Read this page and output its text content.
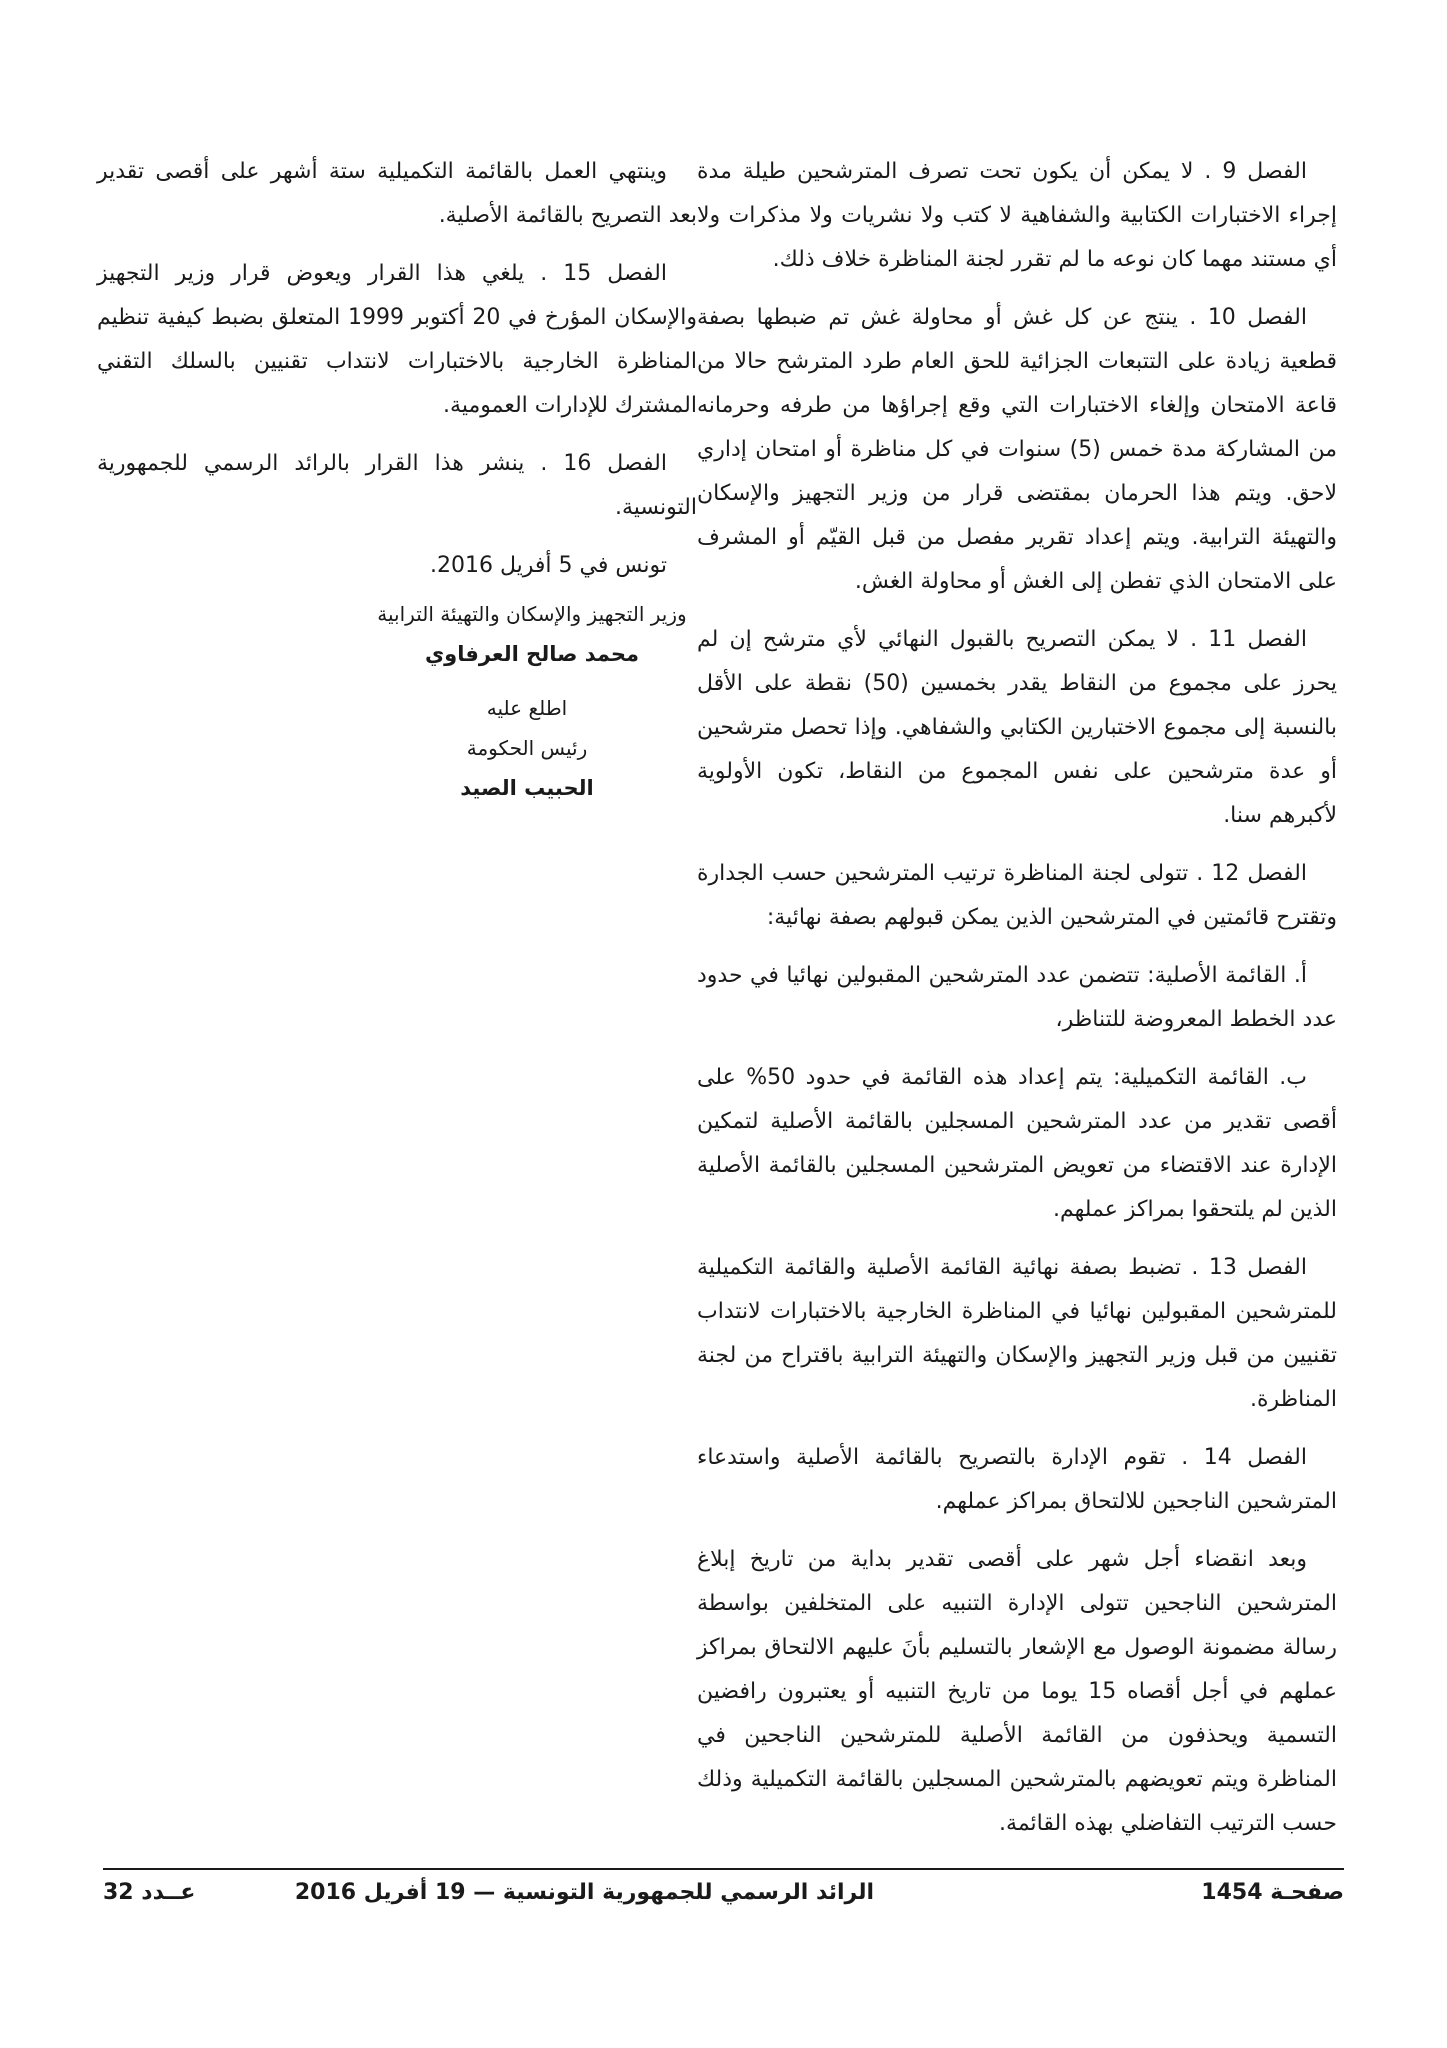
الفصل 9 . لا يمكن أن يكون تحت تصرف المترشحين طيلة مدة إجراء الاختبارات الكتابية والشفاهية لا كتب ولا نشريات ولا مذكرات ولا أي مستند مهما كان نوعه ما لم تقرر لجنة المناظرة خلاف ذلك.

الفصل 10 . ينتج عن كل غش أو محاولة غش تم ضبطها بصفة قطعية زيادة على التتبعات الجزائية للحق العام طرد المترشح حالا من قاعة الامتحان وإلغاء الاختبارات التي وقع إجراؤها من طرفه وحرمانه من المشاركة مدة خمس (5) سنوات في كل مناظرة أو امتحان إداري لاحق. ويتم هذا الحرمان بمقتضى قرار من وزير التجهيز والإسكان والتهيئة الترابية. ويتم إعداد تقرير مفصل من قبل القيّم أو المشرف على الامتحان الذي تفطن إلى الغش أو محاولة الغش.

الفصل 11 . لا يمكن التصريح بالقبول النهائي لأي مترشح إن لم يحرز على مجموع من النقاط يقدر بخمسين (50) نقطة على الأقل بالنسبة إلى مجموع الاختبارين الكتابي والشفاهي. وإذا تحصل مترشحين أو عدة مترشحين على نفس المجموع من النقاط، تكون الأولوية لأكبرهم سنا.

الفصل 12 . تتولى لجنة المناظرة ترتيب المترشحين حسب الجدارة وتقترح قائمتين في المترشحين الذين يمكن قبولهم بصفة نهائية:

أ. القائمة الأصلية: تتضمن عدد المترشحين المقبولين نهائيا في حدود عدد الخطط المعروضة للتناظر،

ب. القائمة التكميلية: يتم إعداد هذه القائمة في حدود 50% على أقصى تقدير من عدد المترشحين المسجلين بالقائمة الأصلية لتمكين الإدارة عند الاقتضاء من تعويض المترشحين المسجلين بالقائمة الأصلية الذين لم يلتحقوا بمراكز عملهم.

الفصل 13 . تضبط بصفة نهائية القائمة الأصلية والقائمة التكميلية للمترشحين المقبولين نهائيا في المناظرة الخارجية بالاختبارات لانتداب تقنيين من قبل وزير التجهيز والإسكان والتهيئة الترابية باقتراح من لجنة المناظرة.

الفصل 14 . تقوم الإدارة بالتصريح بالقائمة الأصلية واستدعاء المترشحين الناجحين للالتحاق بمراكز عملهم.

وبعد انقضاء أجل شهر على أقصى تقدير بداية من تاريخ إبلاغ المترشحين الناجحين تتولى الإدارة التنبيه على المتخلفين بواسطة رسالة مضمونة الوصول مع الإشعار بالتسليم بأنَ عليهم الالتحاق بمراكز عملهم في أجل أقصاه 15 يوما من تاريخ التنبيه أو يعتبرون رافضين التسمية ويحذفون من القائمة الأصلية للمترشحين الناجحين في المناظرة ويتم تعويضهم بالمترشحين المسجلين بالقائمة التكميلية وذلك حسب الترتيب التفاضلي بهذه القائمة.

وينتهي العمل بالقائمة التكميلية ستة أشهر على أقصى تقدير بعد التصريح بالقائمة الأصلية.

الفصل 15 . يلغي هذا القرار ويعوض قرار وزير التجهيز والإسكان المؤرخ في 20 أكتوبر 1999 المتعلق بضبط كيفية تنظيم المناظرة الخارجية بالاختبارات لانتداب تقنيين بالسلك التقني المشترك للإدارات العمومية.

الفصل 16 . ينشر هذا القرار بالرائد الرسمي للجمهورية التونسية.

تونس في 5 أفريل 2016.

وزير التجهيز والإسكان والتهيئة الترابية

محمد صالح العرفاوي

اطلع عليه

رئيس الحكومة

الحبيب الصيد

صفحـة 1454
الرائد الرسمي للجمهورية التونسية — 19 أفريل 2016
عــدد 32
